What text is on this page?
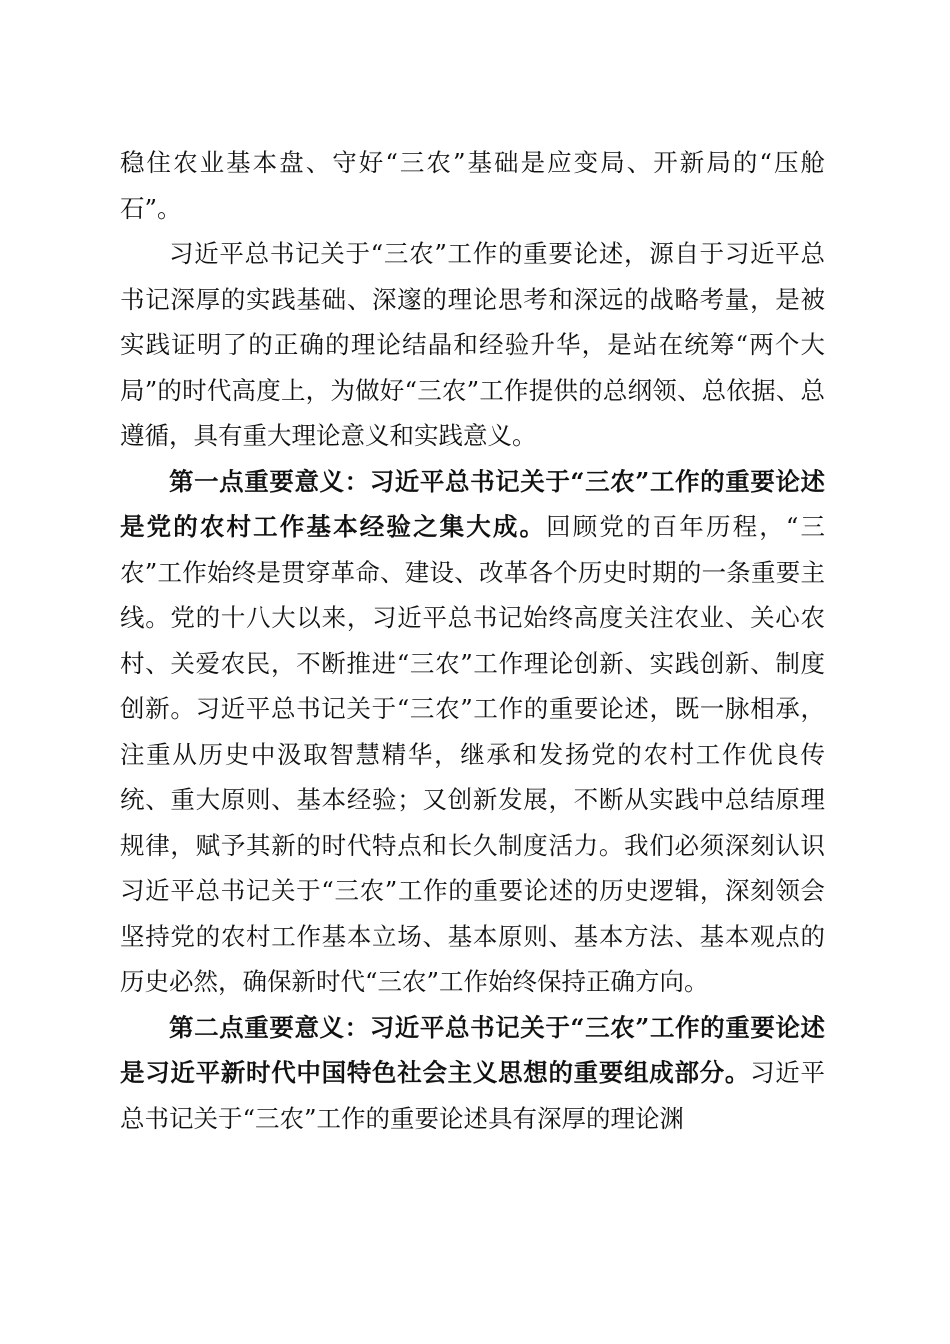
稳住农业基本盘、守好“三农”基础是应变局、开新局的“压舱石”。

习近平总书记关于“三农”工作的重要论述，源自于习近平总书记深厚的实践基础、深邃的理论思考和深远的战略考量，是被实践证明了的正确的理论结晶和经验升华，是站在统筹“两个大局”的时代高度上，为做好“三农”工作提供的总纲领、总依据、总遵循，具有重大理论意义和实践意义。

第一点重要意义：习近平总书记关于“三农”工作的重要论述是党的农村工作基本经验之集大成。回顾党的百年历程，“三农”工作始终是贯穿革命、建设、改革各个历史时期的一条重要主线。党的十八大以来，习近平总书记始终高度关注农业、关心农村、关爱农民，不断推进“三农”工作理论创新、实践创新、制度创新。习近平总书记关于“三农”工作的重要论述，既一脉相承，注重从历史中汲取智慧精华，继承和发扬党的农村工作优良传统、重大原则、基本经验；又创新发展，不断从实践中总结原理规律，赋予其新的时代特点和长久制度活力。我们必须深刻认识习近平总书记关于“三农”工作的重要论述的历史逻辑，深刻领会坚持党的农村工作基本立场、基本原则、基本方法、基本观点的历史必然，确保新时代“三农”工作始终保持正确方向。

第二点重要意义：习近平总书记关于“三农”工作的重要论述是习近平新时代中国特色社会主义思想的重要组成部分。习近平总书记关于“三农”工作的重要论述具有深厚的理论渊
